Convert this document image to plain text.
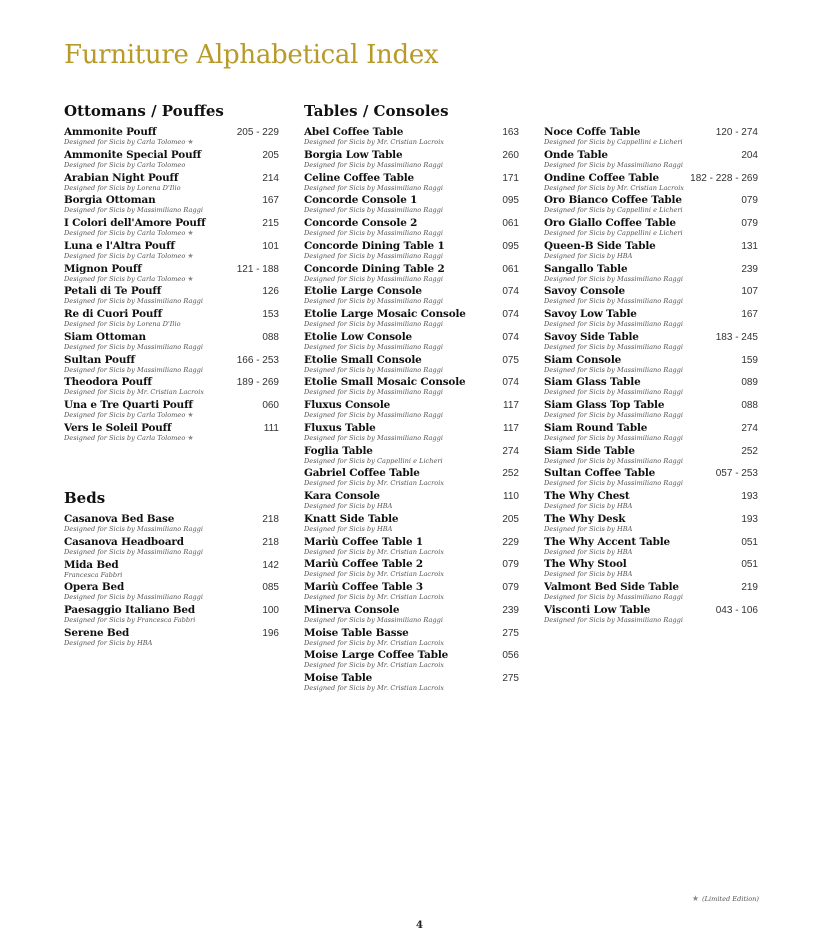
Furniture Alphabetical Index
Ottomans / Pouffes
Ammonite Pouff
Designed for Sicis by Carla Tolomeo ★
205 - 229
Ammonite Special Pouff
Designed for Sicis by Carla Tolomeo
205
Arabian Night Pouff
Designed for Sicis by Lorena D'Ilio
214
Borgia Ottoman
Designed for Sicis by Massimiliano Raggi
167
I Colori dell'Amore Pouff
Designed for Sicis by Carla Tolomeo ★
215
Luna e l'Altra Pouff
Designed for Sicis by Carla Tolomeo ★
101
Mignon Pouff
Designed for Sicis by Carla Tolomeo ★
121 - 188
Petali di Te Pouff
Designed for Sicis by Massimiliano Raggi
126
Re di Cuori Pouff
Designed for Sicis by Lorena D'Ilio
153
Siam Ottoman
Designed for Sicis by Massimiliano Raggi
088
Sultan Pouff
Designed for Sicis by Massimiliano Raggi
166 - 253
Theodora Pouff
Designed for Sicis by Mr. Cristian Lacroix
189 - 269
Una e Tre Quarti Pouff
Designed for Sicis by Carla Tolomeo ★
060
Vers le Soleil Pouff
Designed for Sicis by Carla Tolomeo ★
111
Beds
Casanova Bed Base
Designed for Sicis by Massimiliano Raggi
218
Casanova Headboard
Designed for Sicis by Massimiliano Raggi
218
Mida Bed
Francesca Fabbri
142
Opera Bed
Designed for Sicis by Massimiliano Raggi
085
Paesaggio Italiano Bed
Designed for Sicis by Francesca Fabbri
100
Serene Bed
Designed for Sicis by HBA
196
Tables / Consoles
Abel Coffee Table
Designed for Sicis by Mr. Cristian Lacroix
163
Borgia Low Table
Designed for Sicis by Massimiliano Raggi
260
Celine Coffee Table
Designed for Sicis by Massimiliano Raggi
171
Concorde Console 1
Designed for Sicis by Massimiliano Raggi
095
Concorde Console 2
Designed for Sicis by Massimiliano Raggi
061
Concorde Dining Table 1
Designed for Sicis by Massimiliano Raggi
095
Concorde Dining Table 2
Designed for Sicis by Massimiliano Raggi
061
Etolie Large Console
Designed for Sicis by Massimiliano Raggi
074
Etolie Large Mosaic Console
Designed for Sicis by Massimiliano Raggi
074
Etolie Low Console
Designed for Sicis by Massimiliano Raggi
074
Etolie Small Console
Designed for Sicis by Massimiliano Raggi
075
Etolie Small Mosaic Console
Designed for Sicis by Massimiliano Raggi
074
Fluxus Console
Designed for Sicis by Massimiliano Raggi
117
Fluxus Table
Designed for Sicis by Massimiliano Raggi
117
Foglia Table
Designed for Sicis by Cappellini e Licheri
274
Gabriel Coffee Table
Designed for Sicis by Mr. Cristian Lacroix
252
Kara Console
Designed for Sicis by HBA
110
Knatt Side Table
Designed for Sicis by HBA
205
Mariù Coffee Table 1
Designed for Sicis by Mr. Cristian Lacroix
229
Mariù Coffee Table 2
Designed for Sicis by Mr. Cristian Lacroix
079
Mariù Coffee Table 3
Designed for Sicis by Mr. Cristian Lacroix
079
Minerva Console
Designed for Sicis by Massimiliano Raggi
239
Moise Table Basse
Designed for Sicis by Mr. Cristian Lacroix
275
Moise Large Coffee Table
Designed for Sicis by Mr. Cristian Lacroix
056
Moise Table
Designed for Sicis by Mr. Cristian Lacroix
275
Noce Coffe Table
Designed for Sicis by Cappellini e Licheri
120 - 274
Onde Table
Designed for Sicis by Massimiliano Raggi
204
Ondine Coffee Table
Designed for Sicis by Mr. Cristian Lacroix
182 - 228 - 269
Oro Bianco Coffee Table
Designed for Sicis by Cappellini e Licheri
079
Oro Giallo Coffee Table
Designed for Sicis by Cappellini e Licheri
079
Queen-B Side Table
Designed for Sicis by HBA
131
Sangallo Table
Designed for Sicis by Massimiliano Raggi
239
Savoy Console
Designed for Sicis by Massimiliano Raggi
107
Savoy Low Table
Designed for Sicis by Massimiliano Raggi
167
Savoy Side Table
Designed for Sicis by Massimiliano Raggi
183 - 245
Siam Console
Designed for Sicis by Massimiliano Raggi
159
Siam Glass Table
Designed for Sicis by Massimiliano Raggi
089
Siam Glass Top Table
Designed for Sicis by Massimiliano Raggi
088
Siam Round Table
Designed for Sicis by Massimiliano Raggi
274
Siam Side Table
Designed for Sicis by Massimiliano Raggi
252
Sultan Coffee Table
Designed for Sicis by Massimiliano Raggi
057 - 253
The Why Chest
Designed for Sicis by HBA
193
The Why Desk
Designed for Sicis by HBA
193
The Why Accent Table
Designed for Sicis by HBA
051
The Why Stool
Designed for Sicis by HBA
051
Valmont Bed Side Table
Designed for Sicis by Massimiliano Raggi
219
Visconti Low Table
Designed for Sicis by Massimiliano Raggi
043 - 106
★ (Limited Edition)
4
